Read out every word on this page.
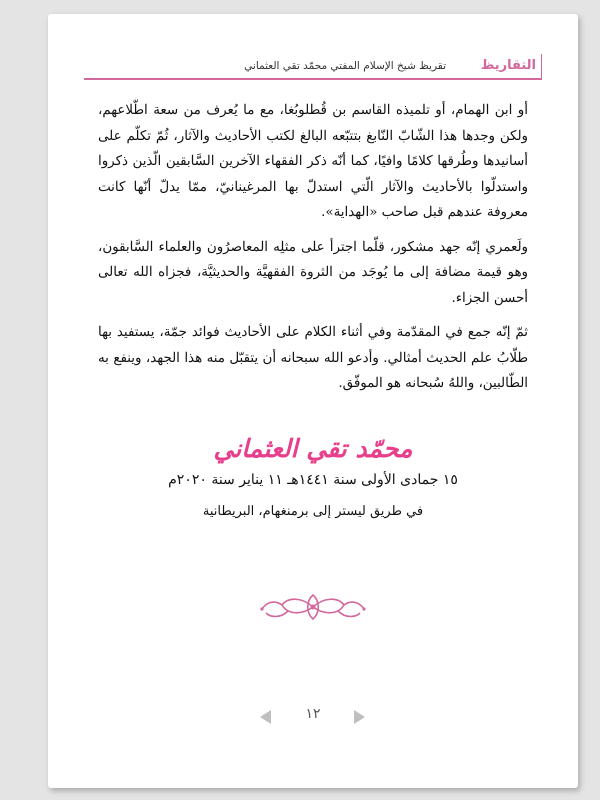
التقاريظ
تقريظ شيخ الإسلام المفتي محمّد تقي العثماني

أو ابن الهمام، أو تلميذه القاسم بن قُطلوبُغا، مع ما يُعرف من سعة اطّلاعهم، ولكن وجدها هذا الشّابّ النّابغ بتتبّعه البالغ لكتب الأحاديث والآثار، ثُمّ تكلّم على أسانيدها وطُرقها كلامًا وافيًا، كما أنّه ذكر الفقهاء الآخرين السَّابقين الّذين ذكروا واستدلّوا بالأحاديث والآثار الّتي استدلّ بها المرغينانيّ، ممّا يدلّ أنّها كانت معروفة عندهم قبل صاحب «الهداية».

ولَعمري إنّه جهد مشكور، قلّما اجترأ على مثلِه المعاصرُون والعلماء السَّابقون، وهو قيمة مضافة إلى ما يُوجَد من الثروة الفقهيَّة والحديثيَّة، فجزاه الله تعالى أحسن الجزاء.

ثمّ إنّه جمع في المقدّمة وفي أثناء الكلام على الأحاديث فوائد جمّة، يستفيد بها طلّابُ علم الحديث أمثالي. وأدعو الله سبحانه أن يتقبّل منه هذا الجهد، وينفع به الطّالبين، واللهُ سُبحانه هو الموفّق.

محمّد تقي العثماني
١٥ جمادى الأولى سنة ١٤٤١هـ ١١ يناير سنة ٢٠٢٠م
في طريق ليستر إلى برمنغهام، البريطانية
١٢
